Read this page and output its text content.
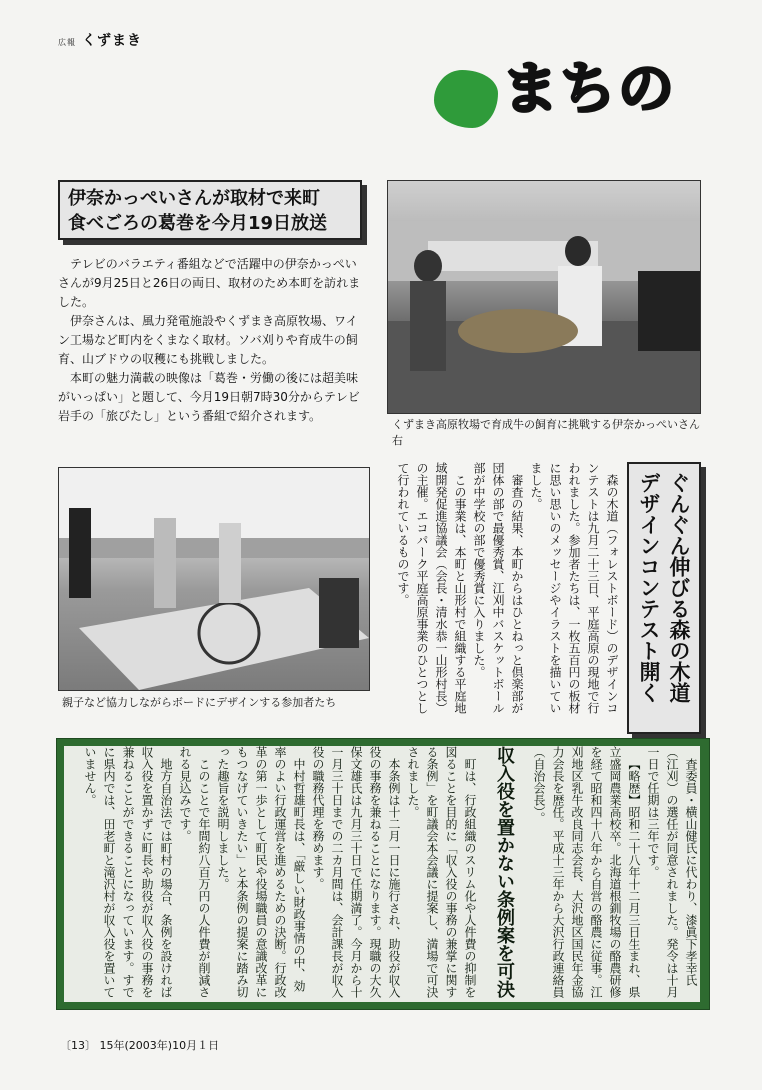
広報 くずまき
まちの
伊奈かっぺいさんが取材で来町
食べごろの葛巻を今月19日放送

テレビのバラエティ番組などで活躍中の伊奈かっぺいさんが9月25日と26日の両日、取材のため本町を訪れました。

伊奈さんは、風力発電施設やくずまき高原牧場、ワイン工場など町内をくまなく取材。ソバ刈りや育成牛の飼育、山ブドウの収穫にも挑戦しました。

本町の魅力満載の映像は「葛巻・労働の後には超美味がいっぱい」と題して、今月19日朝7時30分からテレビ岩手の「旅びたし」という番組で紹介されます。

くずまき高原牧場で育成牛の飼育に挑戦する伊奈かっぺいさん右
親子など協力しながらボードにデザインする参加者たち	ぐんぐん伸びる森の木道
デザインコンテスト開く

森の木道（フォレストボード）のデザインコンテストは九月二十三日、平庭高原の現地で行われました。参加者たちは、一枚五百円の板材に思い思いのメッセージやイラストを描いていました。

審査の結果、本町からはひとねっと倶楽部が団体の部で最優秀賞、江刈中バスケットボール部が中学校の部で優秀賞に入りました。

この事業は、本町と山形村で組織する平庭地域開発促進協議会（会長・清水恭一山形村長）の主催。エコパーク平庭高原事業のひとつとして行われているものです。

査委員・横山健氏に代わり、漆眞下孝幸氏（江刈）の選任が同意されました。発令は十月一日で任期は三年です。

【略歴】昭和二十八年十二月三日生まれ、県立盛岡農業高校卒。北海道根釧牧場の酪農研修を経て昭和四十八年から自営の酪農に従事。江刈地区乳牛改良同志会長、大沢地区国民年金協力会長を歴任。平成十三年から大沢行政連絡員（自治会長）。

収入役を置かない条例案を可決

町は、行政組織のスリム化や人件費の抑制を図ることを目的に「収入役の事務の兼掌に関する条例」を町議会本会議に提案し、満場で可決されました。

本条例は十二月一日に施行され、助役が収入役の事務を兼ねることになります。現職の大久保文雄氏は九月三十日で任期満了。今月から十一月三十日までの二カ月間は、会計課長が収入役の職務代理を務めます。

中村哲雄町長は、「厳しい財政事情の中、効率のよい行政運営を進めるための決断。行政改革の第一歩として町民や役場職員の意識改革にもつなげていきたい」と本条例の提案に踏み切った趣旨を説明しました。

このことで年間約八百万円の人件費が削減される見込みです。

地方自治法では町村の場合、条例を設ければ収入役を置かずに町長や助役が収入役の事務を兼ねることができることになっています。すでに県内では、田老町と滝沢村が収入役を置いていません。

〔13〕 15年(2003年)10月１日
